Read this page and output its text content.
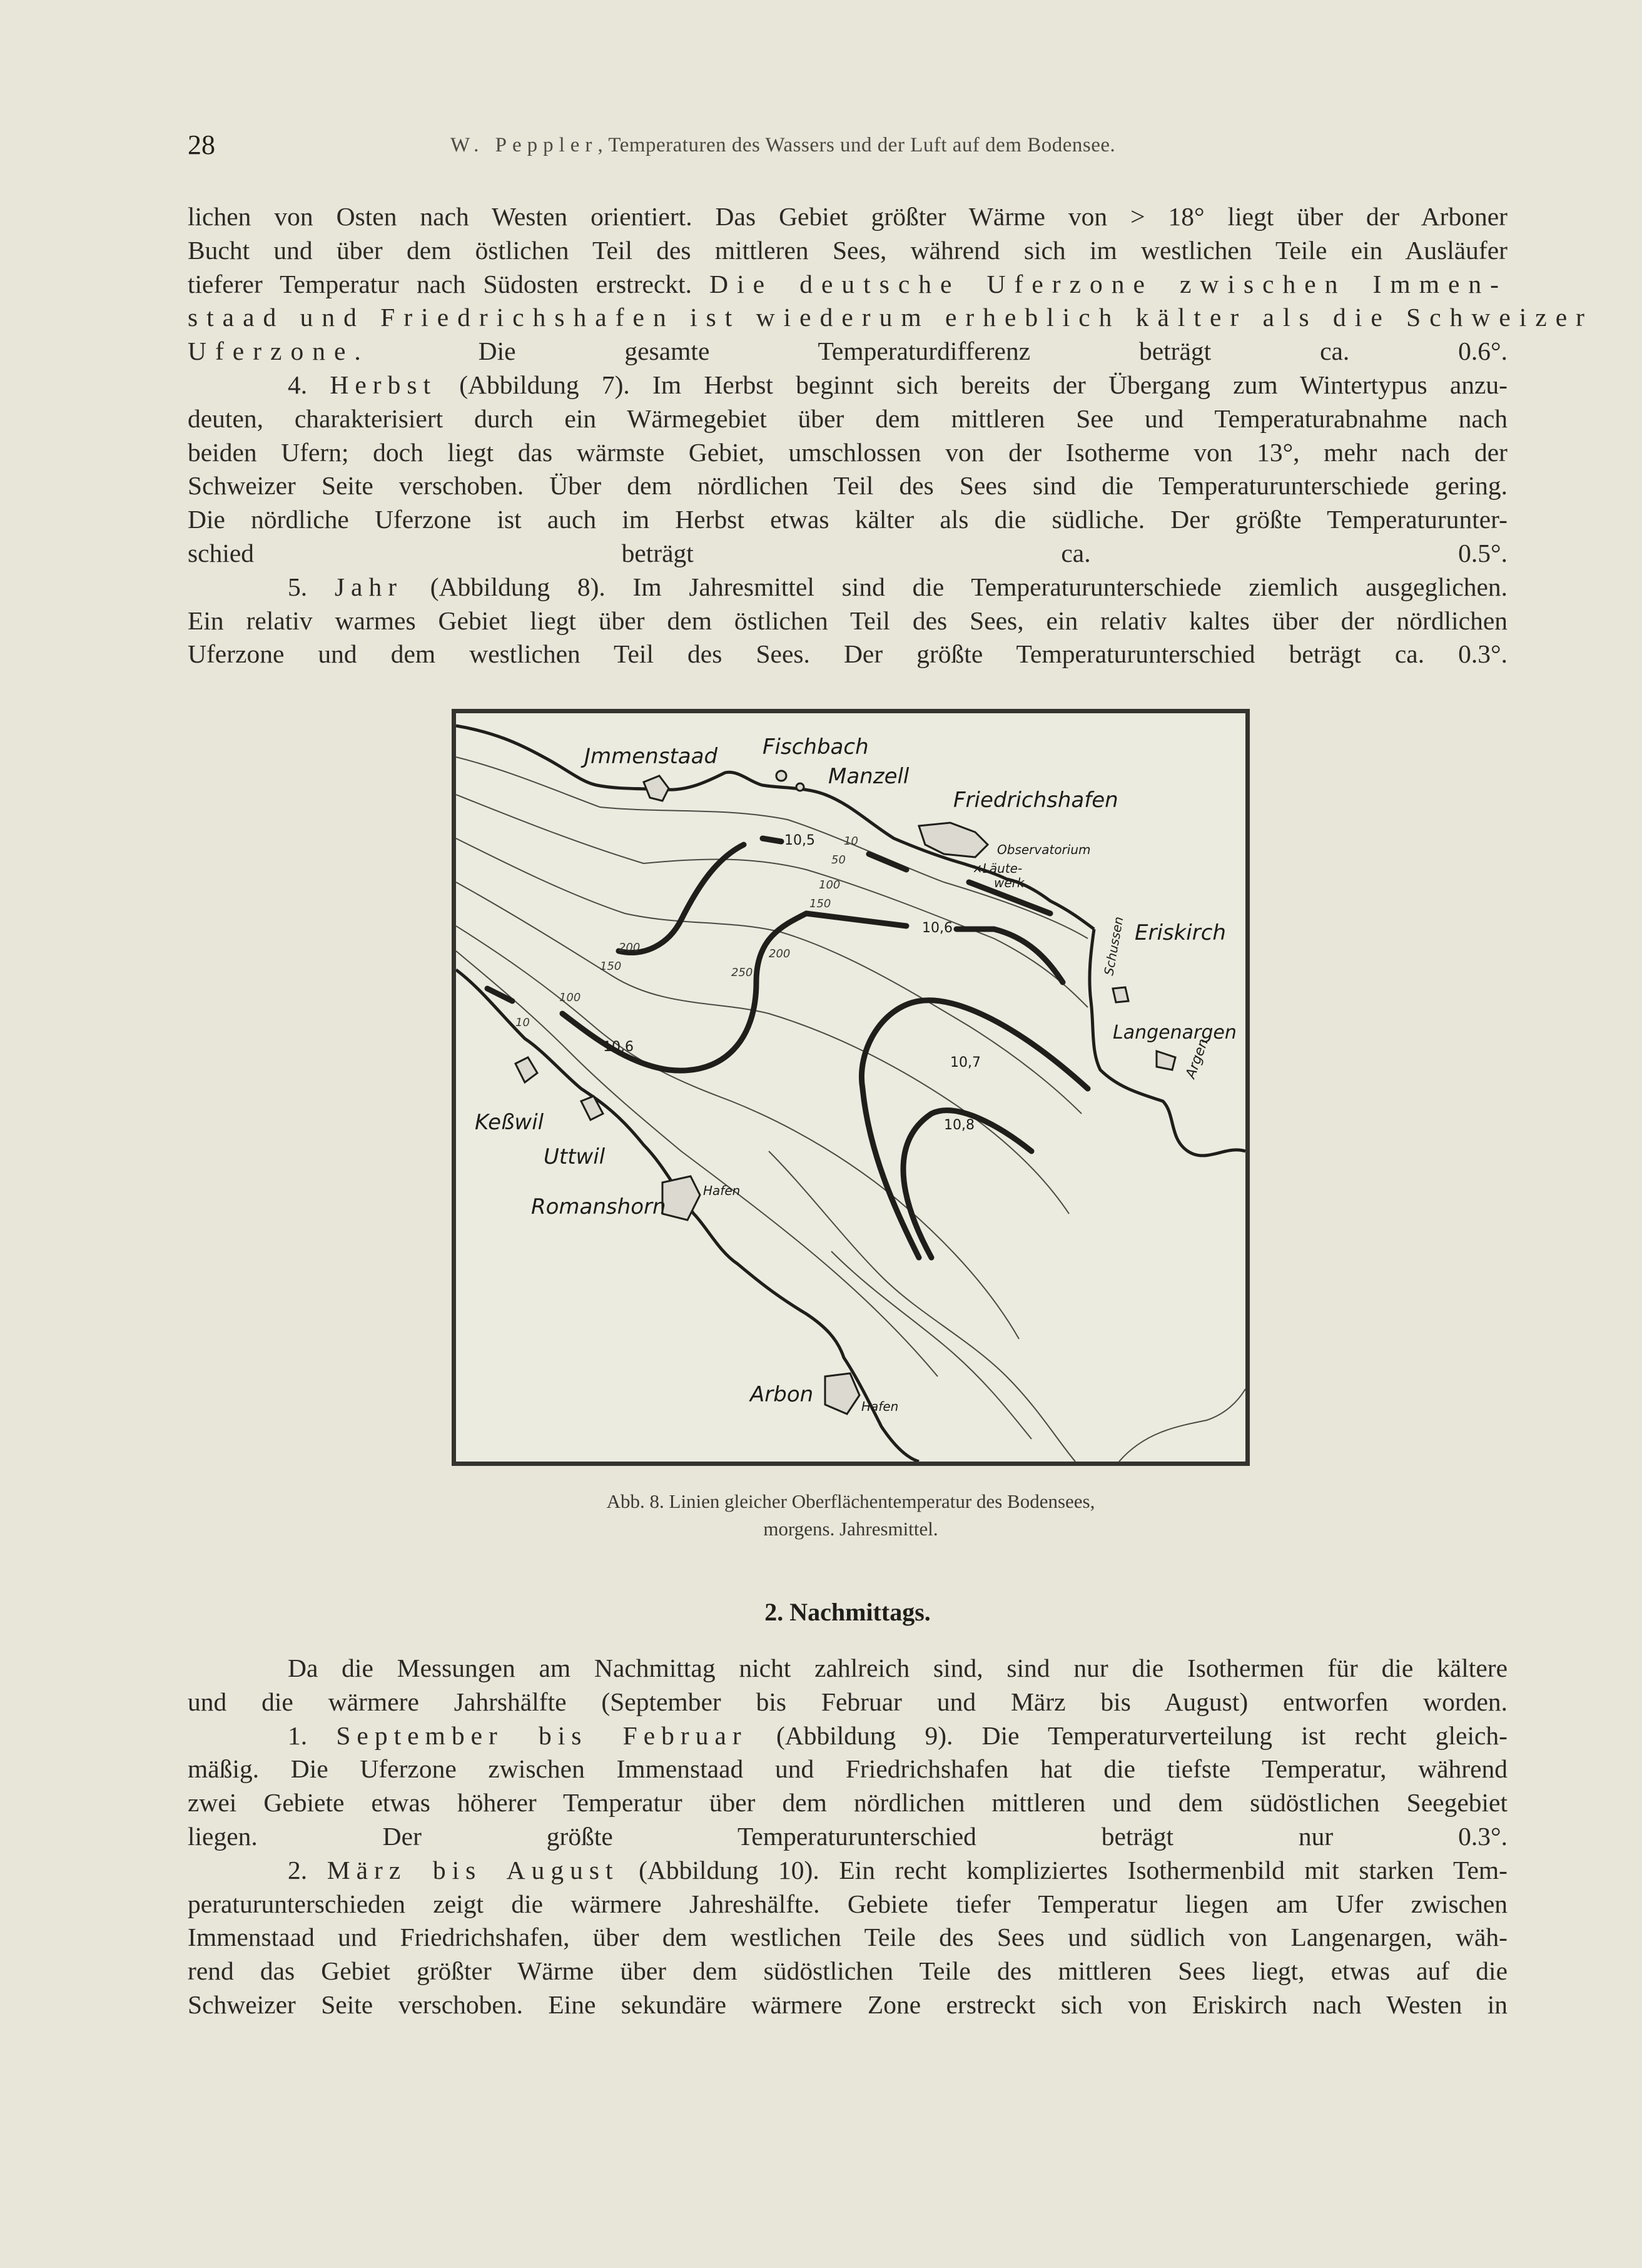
28	W. Peppler, Temperaturen des Wassers und der Luft auf dem Bodensee.
lichen von Osten nach Westen orientiert. Das Gebiet größter Wärme von > 18° liegt über der Arboner
Bucht und über dem östlichen Teil des mittleren Sees, während sich im westlichen Teile ein Ausläufer
tieferer Temperatur nach Südosten erstreckt. Die deutsche Uferzone zwischen Immen-
staad und Friedrichshafen ist wiederum erheblich kälter als die Schweizer
Uferzone. Die gesamte Temperaturdifferenz beträgt ca. 0.6°.
4. Herbst (Abbildung 7). Im Herbst beginnt sich bereits der Übergang zum Wintertypus anzu-
deuten, charakterisiert durch ein Wärmegebiet über dem mittleren See und Temperaturabnahme nach
beiden Ufern; doch liegt das wärmste Gebiet, umschlossen von der Isotherme von 13°, mehr nach der
Schweizer Seite verschoben. Über dem nördlichen Teil des Sees sind die Temperaturunterschiede gering.
Die nördliche Uferzone ist auch im Herbst etwas kälter als die südliche. Der größte Temperaturunter-
schied beträgt ca. 0.5°.
5. Jahr (Abbildung 8). Im Jahresmittel sind die Temperaturunterschiede ziemlich ausgeglichen.
Ein relativ warmes Gebiet liegt über dem östlichen Teil des Sees, ein relativ kaltes über der nördlichen
Uferzone und dem westlichen Teil des Sees. Der größte Temperaturunterschied beträgt ca. 0.3°.
10,5
10,6
10,6
10,7
10,8
10
50
100
150
200
250
200
150
100
10
Jmmenstaad Fischbach
Manzell
Friedrichshafen
Observatorium
×Läute-
werk
Schussen Eriskirch
Langenargen
Argen
Keßwil
Uttwil
Romanshorn
Hafen
Arbon	Hafen
Abb. 8. Linien gleicher Oberflächentemperatur des Bodensees,
morgens. Jahresmittel.
2. Nachmittags.
Da die Messungen am Nachmittag nicht zahlreich sind, sind nur die Isothermen für die kältere
und die wärmere Jahrshälfte (September bis Februar und März bis August) entworfen worden.
1. September bis Februar (Abbildung 9). Die Temperaturverteilung ist recht gleich-
mäßig. Die Uferzone zwischen Immenstaad und Friedrichshafen hat die tiefste Temperatur, während
zwei Gebiete etwas höherer Temperatur über dem nördlichen mittleren und dem südöstlichen Seegebiet
liegen. Der größte Temperaturunterschied beträgt nur 0.3°.
2. März bis August (Abbildung 10). Ein recht kompliziertes Isothermenbild mit starken Tem-
peraturunterschieden zeigt die wärmere Jahreshälfte. Gebiete tiefer Temperatur liegen am Ufer zwischen
Immenstaad und Friedrichshafen, über dem westlichen Teile des Sees und südlich von Langenargen, wäh-
rend das Gebiet größter Wärme über dem südöstlichen Teile des mittleren Sees liegt, etwas auf die
Schweizer Seite verschoben. Eine sekundäre wärmere Zone erstreckt sich von Eriskirch nach Westen in
